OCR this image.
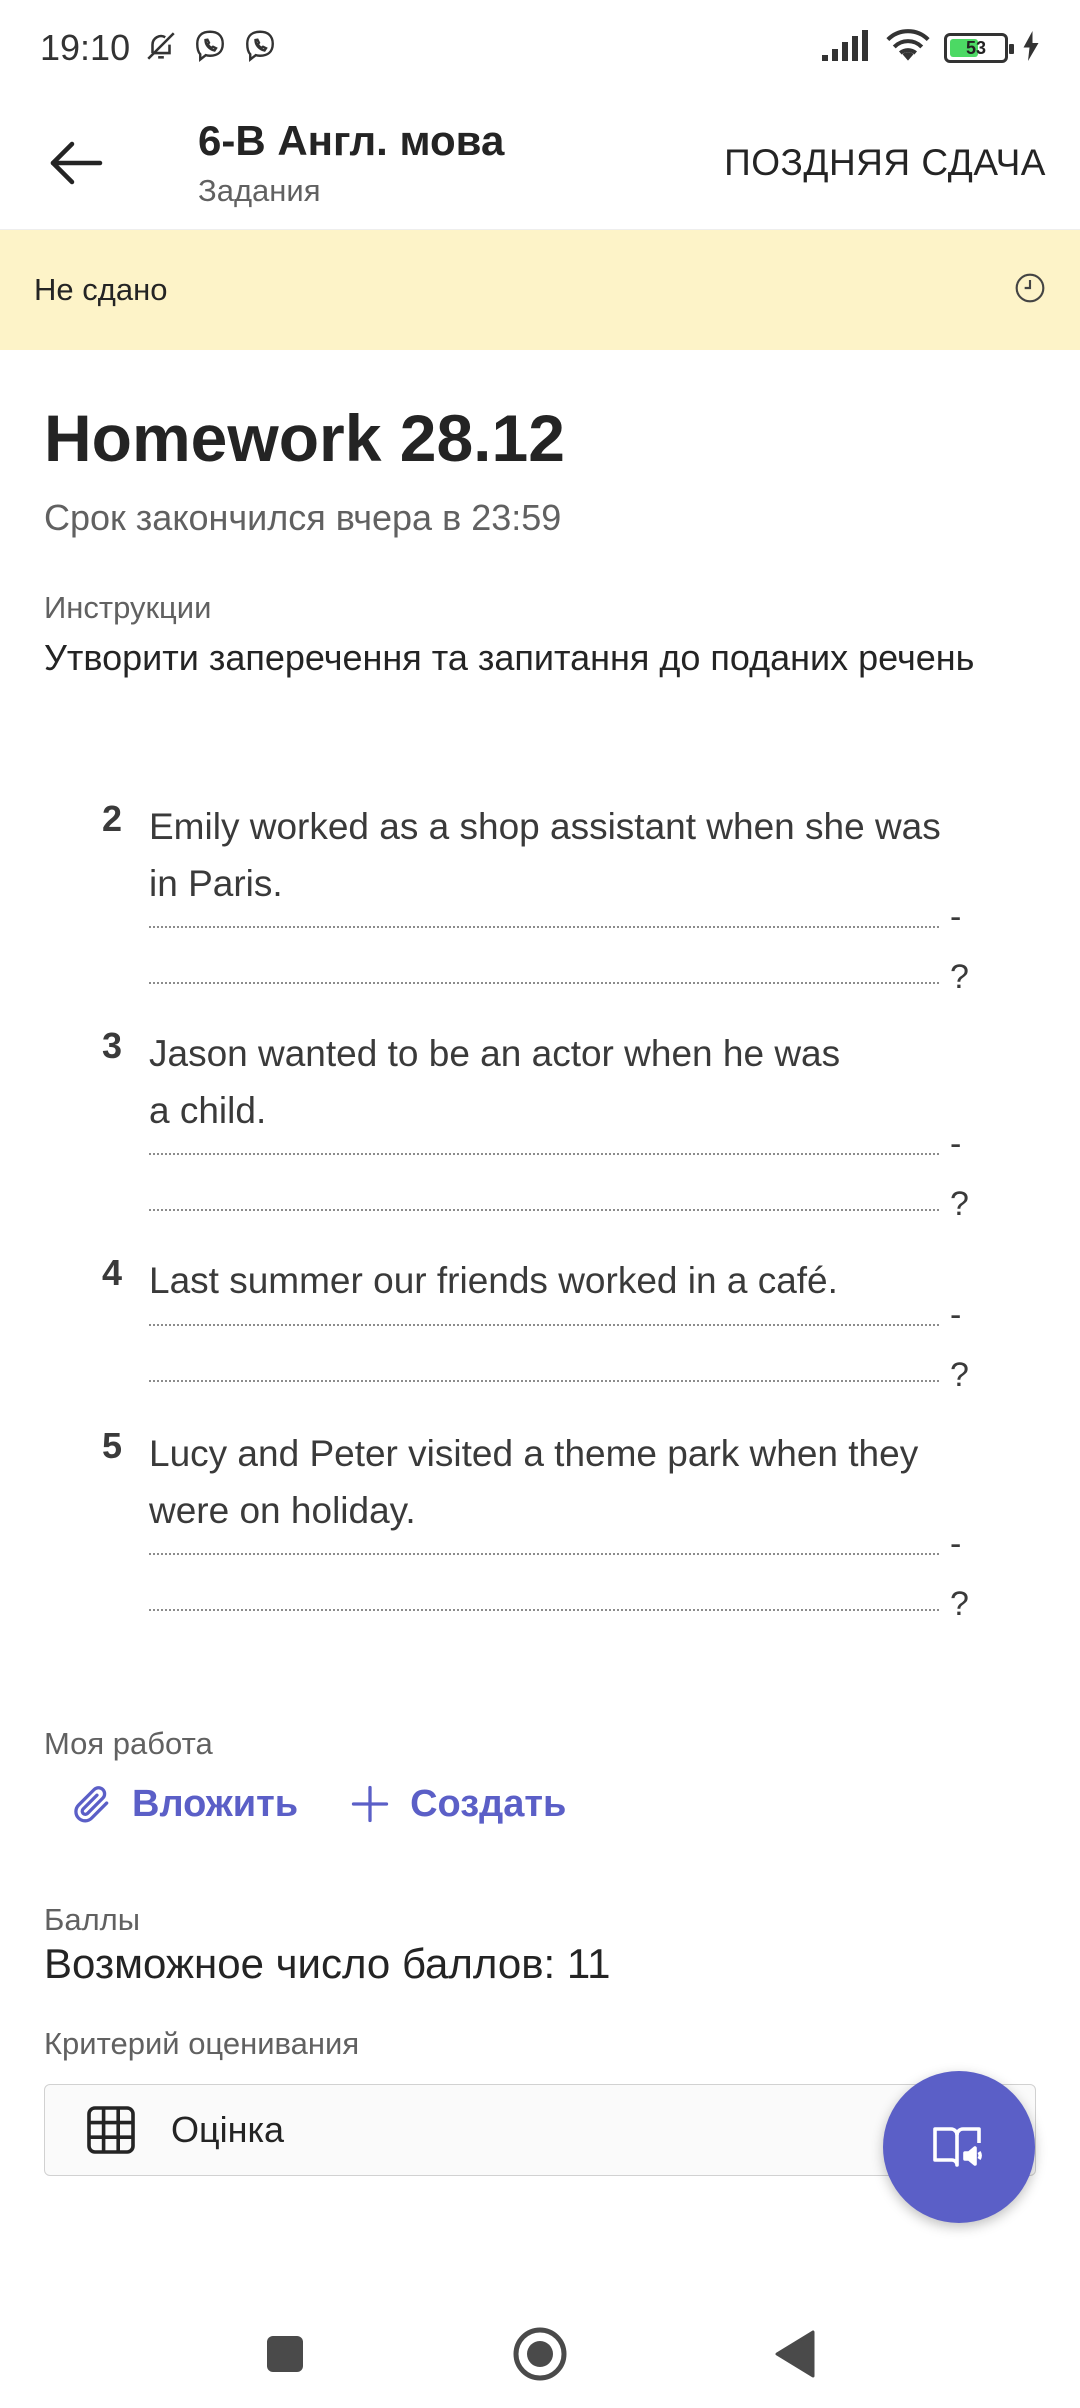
19:10	53
6-В Англ. мова
Задания
ПОЗДНЯЯ СДАЧА
Не сдано
Homework 28.12
Срок закончился вчера в 23:59
Инструкции
Утворити заперечення та запитання до поданих речень
2 Emily worked as a shop assistant when she was
in Paris.
-
?
3 Jason wanted to be an actor when he was
a child.
-
?
4 Last summer our friends worked in a café.
-
?
5 Lucy and Peter visited a theme park when they
were on holiday.
-
?
Моя работа
Вложить	Создать
Баллы
Возможное число баллов: 11
Критерий оценивания
Оцінка
